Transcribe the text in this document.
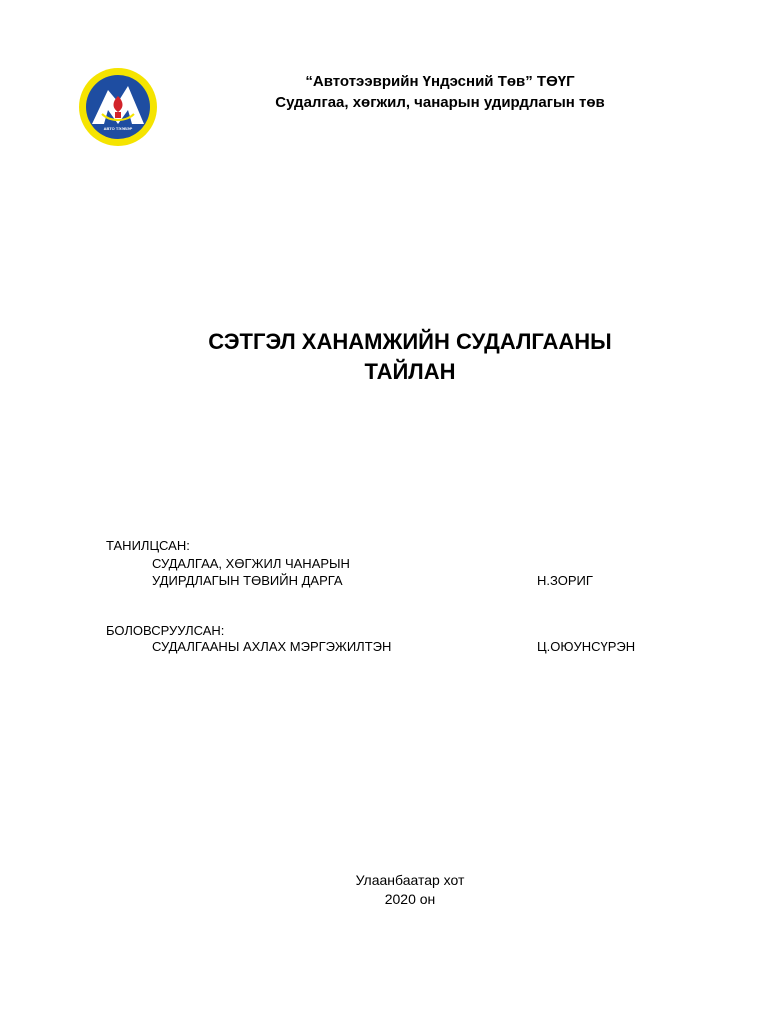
АВТО ТЭЭВЭР
“Автотээврийн Үндэсний Төв” ТӨҮГ
Судалгаа, хөгжил, чанарын удирдлагын төв
СЭТГЭЛ ХАНАМЖИЙН СУДАЛГААНЫ
ТАЙЛАН
ТАНИЛЦСАН:
СУДАЛГАА, ХӨГЖИЛ ЧАНАРЫН
УДИРДЛАГЫН ТӨВИЙН ДАРГА	Н.ЗОРИГ
БОЛОВСРУУЛСАН:
СУДАЛГААНЫ АХЛАХ МЭРГЭЖИЛТЭН	Ц.ОЮУНСҮРЭН
Улаанбаатар хот
2020 он
